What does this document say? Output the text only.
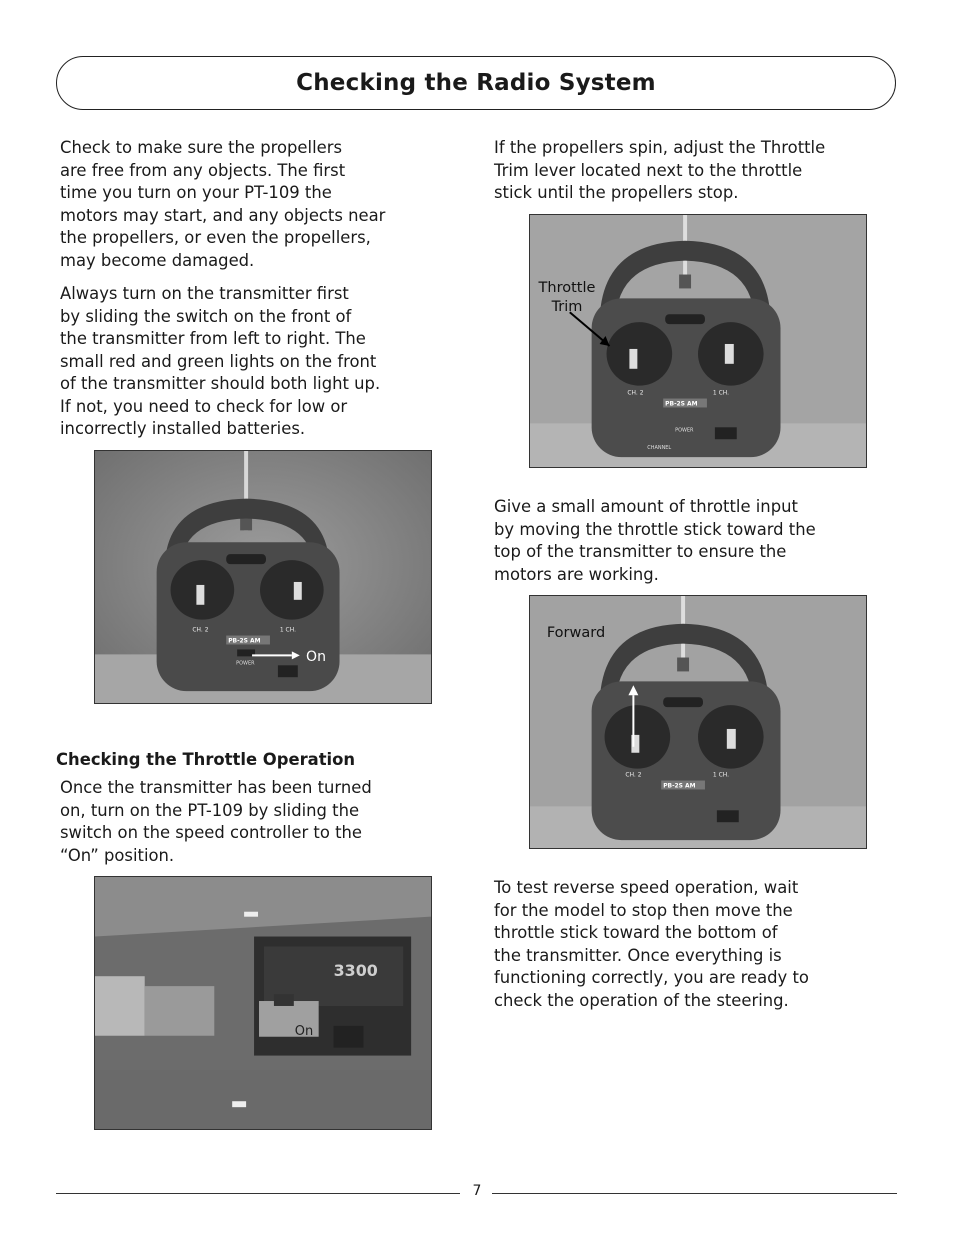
Checking the Radio System

Check to make sure the propellers
are free from any objects. The first
time you turn on your PT-109 the
motors may start, and any objects near
the propellers, or even the propellers,
may become damaged.

Always turn on the transmitter first
by sliding the switch on the front of
the transmitter from left to right. The
small red and green lights on the front
of the transmitter should both light up.
If not, you need to check for low or
incorrectly installed batteries.

CH. 2	1 CH.
PB-2S AM
POWER	On

Checking the Throttle Operation

Once the transmitter has been turned
on, turn on the PT-109 by sliding the
switch on the speed controller to the
“On” position.

3300
On

If the propellers spin, adjust the Throttle
Trim lever located next to the throttle
stick until the propellers stop.

CH. 2	1 CH.
PB-2S AM
POWER
CHANNEL
Throttle Trim

Give a small amount of throttle input
by moving the throttle stick toward the
top of the transmitter to ensure the
motors are working.

CH. 2	1 CH.
PB-2S AM
Forward

To test reverse speed operation, wait
for the model to stop then move the
throttle stick toward the bottom of
the transmitter. Once everything is
functioning correctly, you are ready to
check the operation of the steering.

7
